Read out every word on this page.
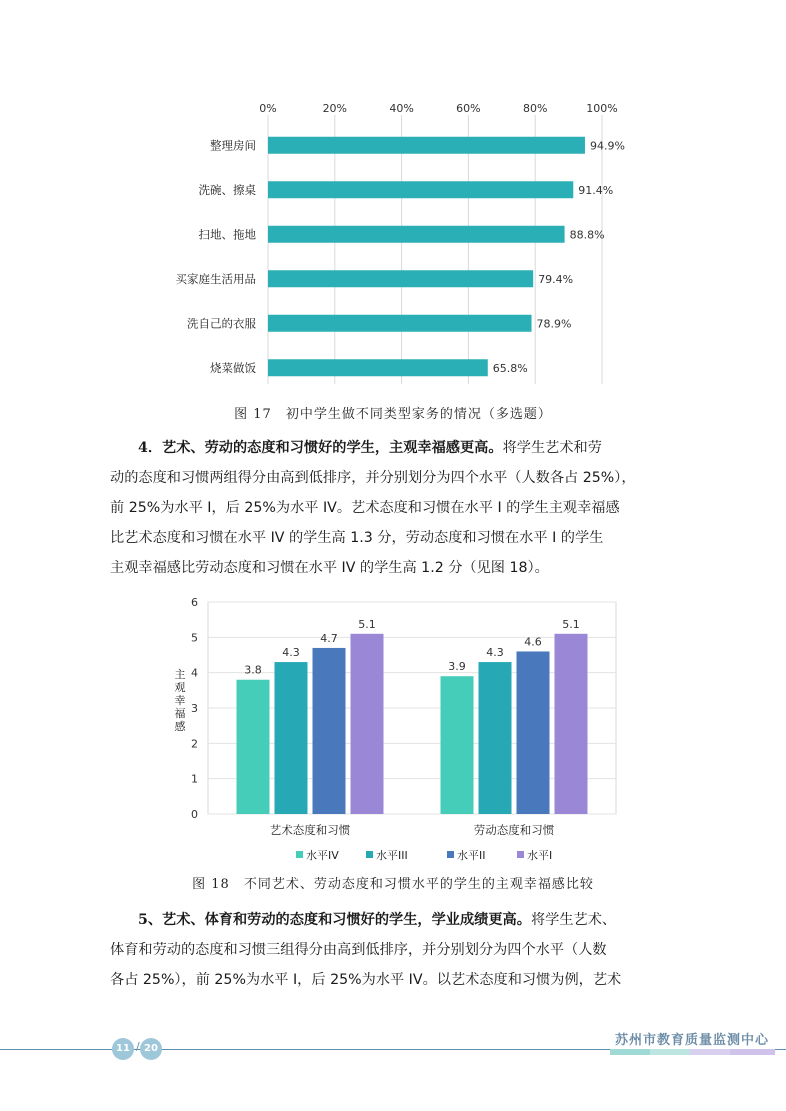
0%	20%	40%	60%	80%	100%
整理房间	94.9%
洗碗、擦桌	91.4%
扫地、拖地	88.8%
买家庭生活用品	79.4%
洗自己的衣服	78.9%
烧菜做饭	65.8%
图 17　初中学生做不同类型家务的情况（多选题）

4．艺术、劳动的态度和习惯好的学生，主观幸福感更高。将学生艺术和劳

动的态度和习惯两组得分由高到低排序，并分别划分为四个水平（人数各占 25%），

前 25%为水平 I，后 25%为水平 IV。艺术态度和习惯在水平 I 的学生主观幸福感

比艺术态度和习惯在水平 IV 的学生高 1.3 分，劳动态度和习惯在水平 I 的学生

主观幸福感比劳动态度和习惯在水平 IV 的学生高 1.2 分（见图 18）。

0
1
2
3
4
5
6
主
观
幸
福
感
3.8
4.3
4.7
5.1
艺术态度和习惯
3.9
4.3
4.6
5.1
劳动态度和习惯
水平IV	水平III	水平II	水平I
图 18　不同艺术、劳动态度和习惯水平的学生的主观幸福感比较

5、艺术、体育和劳动的态度和习惯好的学生，学业成绩更高。将学生艺术、

体育和劳动的态度和习惯三组得分由高到低排序，并分别划分为四个水平（人数

各占 25%），前 25%为水平 I，后 25%为水平 IV。以艺术态度和习惯为例，艺术

11 / 20
苏州市教育质量监测中心
